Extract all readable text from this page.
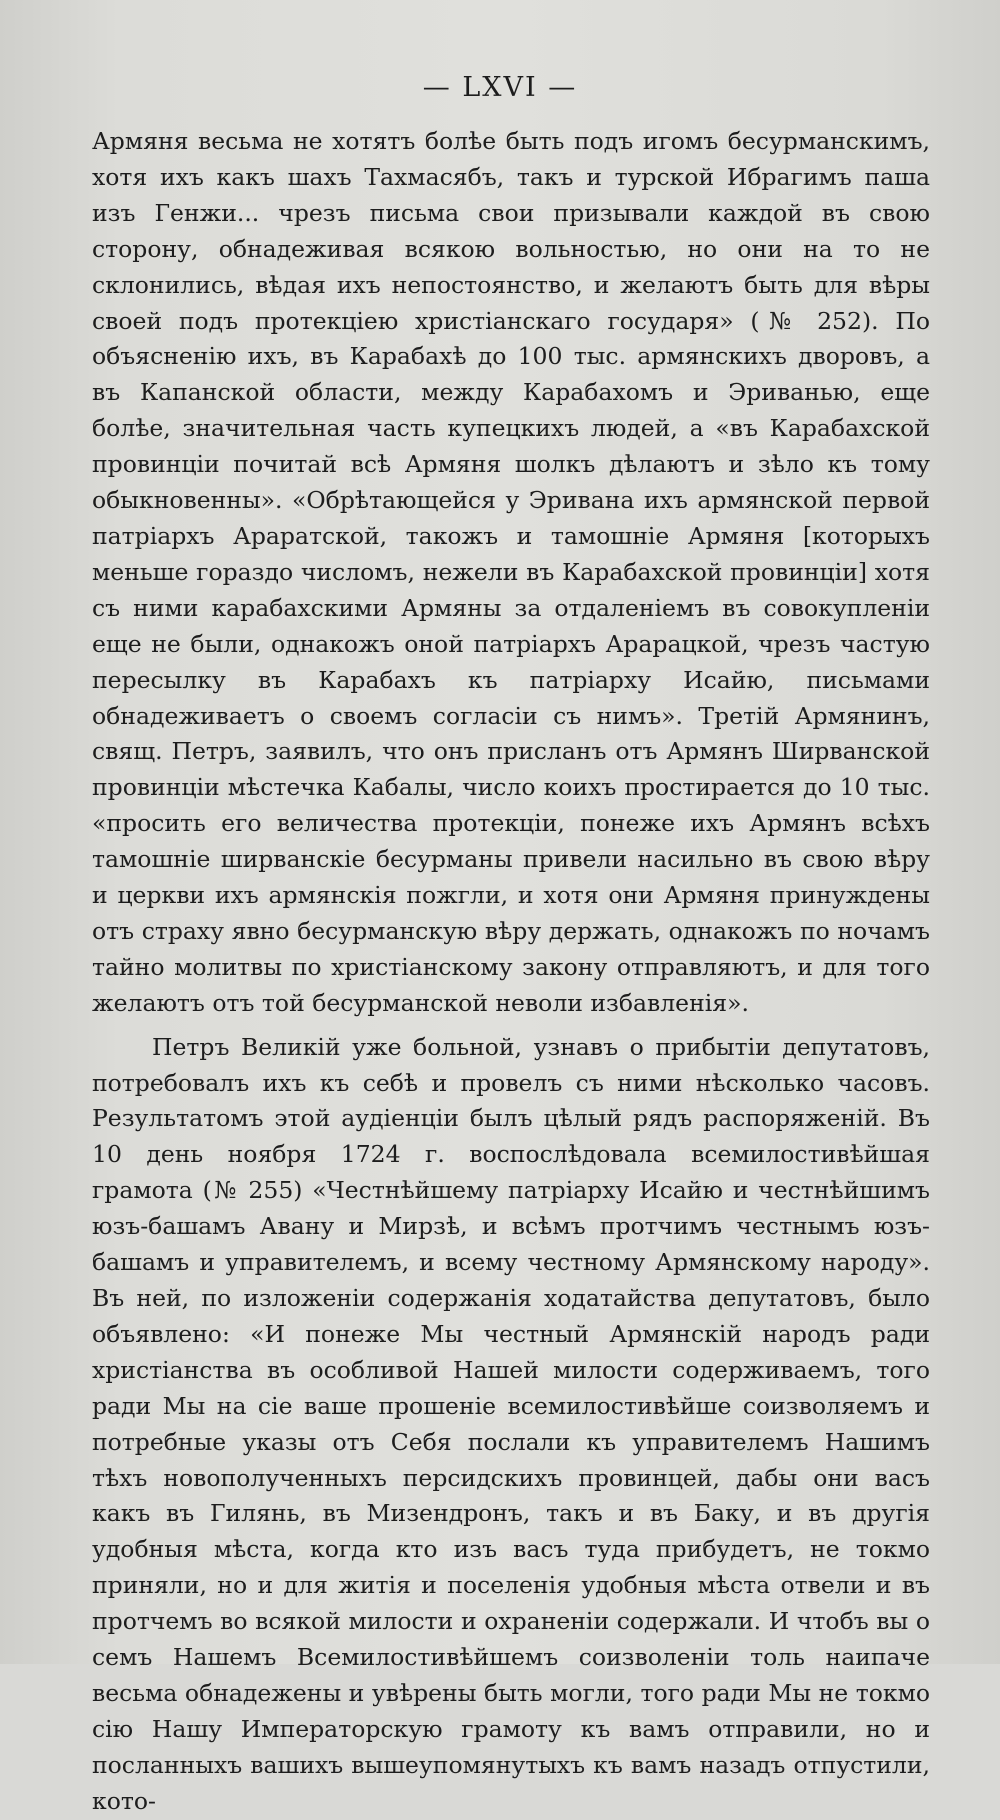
— LXVI —

Армяня весьма не хотятъ болѣе быть подъ игомъ бесурманскимъ, хотя ихъ какъ шахъ Тахмасябъ, такъ и турской Ибрагимъ паша изъ Генжи... чрезъ письма свои призывали каждой въ свою сторону, обнадеживая всякою вольностью, но они на то не склонились, вѣдая ихъ непостоянство, и желаютъ быть для вѣры своей подъ протекціею христіанскаго государя» (№ 252). По объясненію ихъ, въ Карабахѣ до 100 тыс. армянскихъ дворовъ, а въ Капанской области, между Карабахомъ и Эриванью, еще болѣе, значительная часть купецкихъ людей, а «въ Карабахской провинціи почитай всѣ Армяня шолкъ дѣлаютъ и зѣло къ тому обыкновенны». «Обрѣтающейся у Эривана ихъ армянской первой патріархъ Араратской, такожъ и тамошніе Армяня [которыхъ меньше гораздо числомъ, нежели въ Карабахской провинціи] хотя съ ними карабахскими Армяны за отдаленіемъ въ совокупленіи еще не были, однакожъ оной патріархъ Арарацкой, чрезъ частую пересылку въ Карабахъ къ патріарху Исайю, письмами обнадеживаетъ о своемъ согласіи съ нимъ». Третій Армянинъ, свящ. Петръ, заявилъ, что онъ присланъ отъ Армянъ Ширванской провинціи мѣстечка Кабалы, число коихъ простирается до 10 тыс. «просить его величества протекціи, понеже ихъ Армянъ всѣхъ тамошніе ширванскіе бесурманы привели насильно въ свою вѣру и церкви ихъ армянскія пожгли, и хотя они Армяня принуждены отъ страху явно бесурманскую вѣру держать, однакожъ по ночамъ тайно молитвы по христіанскому закону отправляютъ, и для того желаютъ отъ той бесурманской неволи избавленія».

Петръ Великій уже больной, узнавъ о прибытіи депутатовъ, потребовалъ ихъ къ себѣ и провелъ съ ними нѣсколько часовъ. Результатомъ этой аудіенціи былъ цѣлый рядъ распоряженій. Въ 10 день ноября 1724 г. воспослѣдовала всемилостивѣйшая грамота (№ 255) «Честнѣйшему патріарху Исайю и честнѣйшимъ юзъ-башамъ Авану и Мирзѣ, и всѣмъ протчимъ честнымъ юзъ-башамъ и управителемъ, и всему честному Армянскому народу». Въ ней, по изложеніи содержанія ходатайства депутатовъ, было объявлено: «И понеже Мы честный Армянскій народъ ради христіанства въ особливой Нашей милости содерживаемъ, того ради Мы на сіе ваше прошеніе всемилостивѣйше соизволяемъ и потребные указы отъ Себя послали къ управителемъ Нашимъ тѣхъ новополученныхъ персидскихъ провинцей, дабы они васъ какъ въ Гилянь, въ Мизендронъ, такъ и въ Баку, и въ другія удобныя мѣста, когда кто изъ васъ туда прибудетъ, не токмо приняли, но и для житія и поселенія удобныя мѣста отвели и въ протчемъ во всякой милости и охраненіи содержали. И чтобъ вы о семъ Нашемъ Всемилостивѣйшемъ соизволеніи толь наипаче весьма обнадежены и увѣрены быть могли, того ради Мы не токмо сію Нашу Императорскую грамоту къ вамъ отправили, но и посланныхъ вашихъ вышеупомянутыхъ къ вамъ назадъ отпустили, кото-
